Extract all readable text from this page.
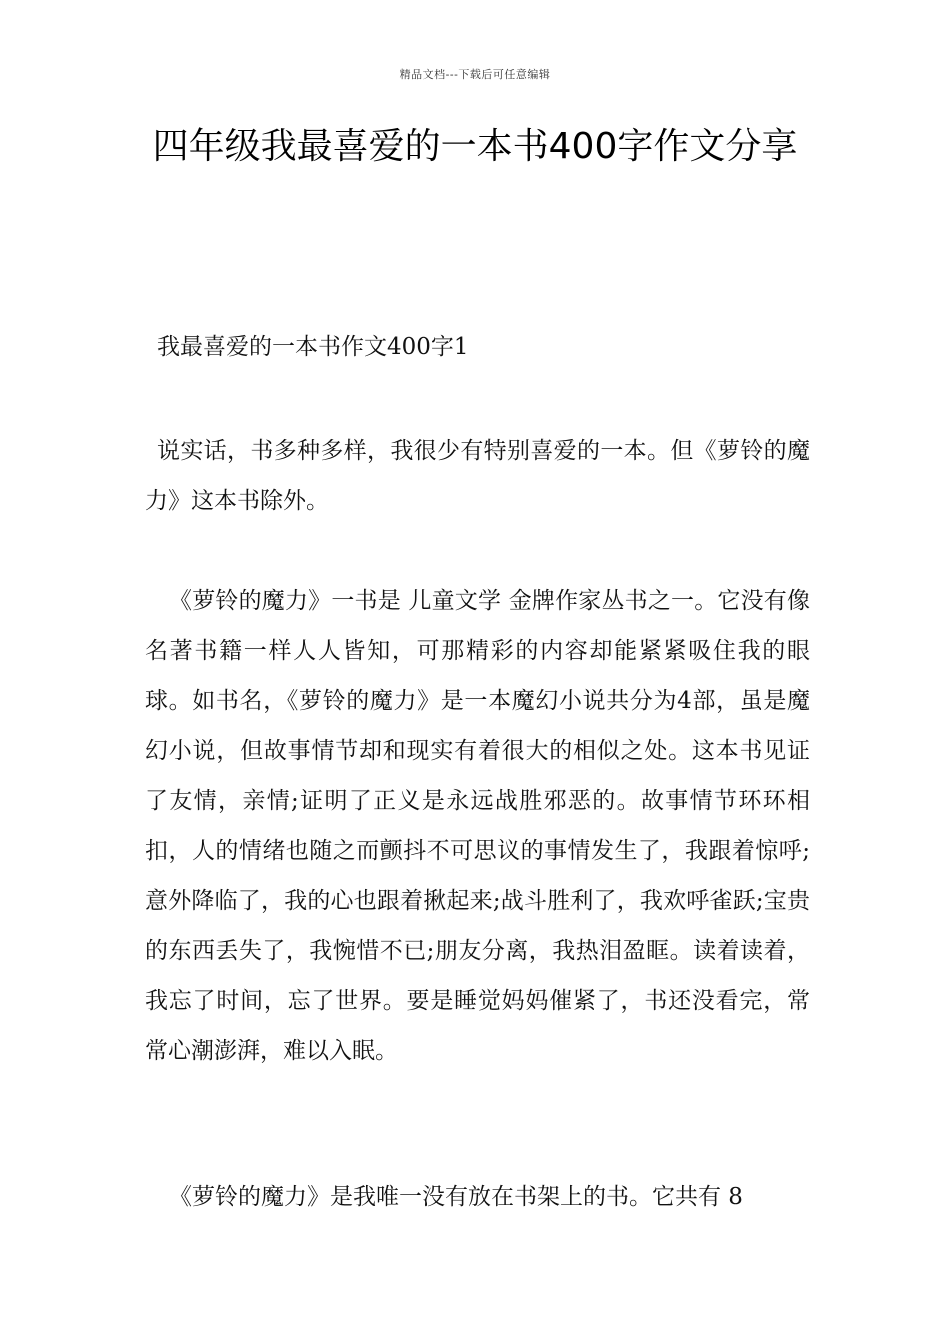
精品文档---下载后可任意编辑
四年级我最喜爱的一本书400字作文分享

我最喜爱的一本书作文400字1

说实话，书多种多样，我很少有特别喜爱的一本。但《萝铃的魔力》这本书除外。

《萝铃的魔力》一书是 儿童文学 金牌作家丛书之一。它没有像名著书籍一样人人皆知，可那精彩的内容却能紧紧吸住我的眼球。如书名，《萝铃的魔力》是一本魔幻小说共分为4部，虽是魔幻小说，但故事情节却和现实有着很大的相似之处。这本书见证了友情，亲情;证明了正义是永远战胜邪恶的。故事情节环环相扣，人的情绪也随之而颤抖不可思议的事情发生了，我跟着惊呼;意外降临了，我的心也跟着揪起来;战斗胜利了，我欢呼雀跃;宝贵的东西丢失了，我惋惜不已;朋友分离，我热泪盈眶。读着读着，我忘了时间，忘了世界。要是睡觉妈妈催紧了，书还没看完，常常心潮澎湃，难以入眠。

《萝铃的魔力》是我唯一没有放在书架上的书。它共有 8
